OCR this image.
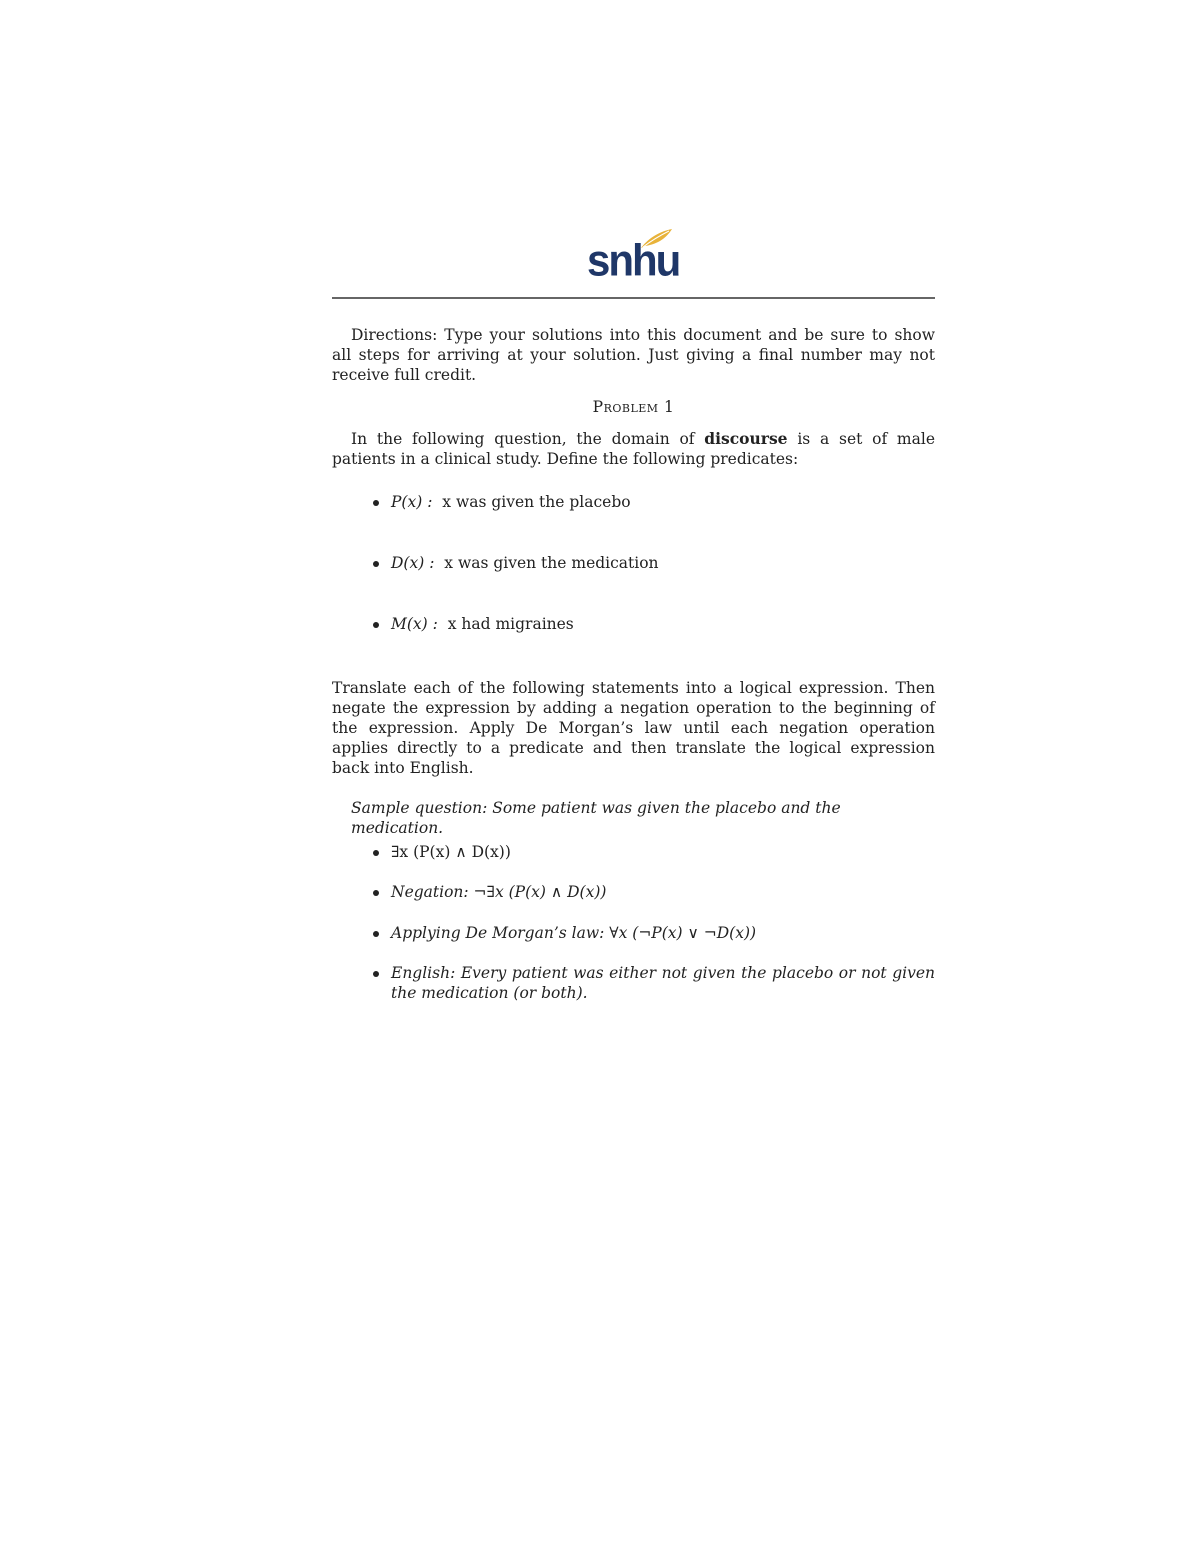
snhu

Directions: Type your solutions into this document and be sure to show all steps for arriving at your solution. Just giving a final number may not receive full credit.

Problem 1

In the following question, the domain of discourse is a set of male patients in a clinical study. Define the following predicates:

P(x) : x was given the placebo
D(x) : x was given the medication
M(x) : x had migraines

Translate each of the following statements into a logical expression. Then negate the expression by adding a negation operation to the beginning of the expression. Apply De Morgan’s law until each negation operation applies directly to a predicate and then translate the logical expression back into English.

Sample question: Some patient was given the placebo and the medication.
∃x (P(x) ∧ D(x))
Negation: ¬∃x (P(x) ∧ D(x))
Applying De Morgan’s law: ∀x (¬P(x) ∨ ¬D(x))
English: Every patient was either not given the placebo or not given the medication (or both).
